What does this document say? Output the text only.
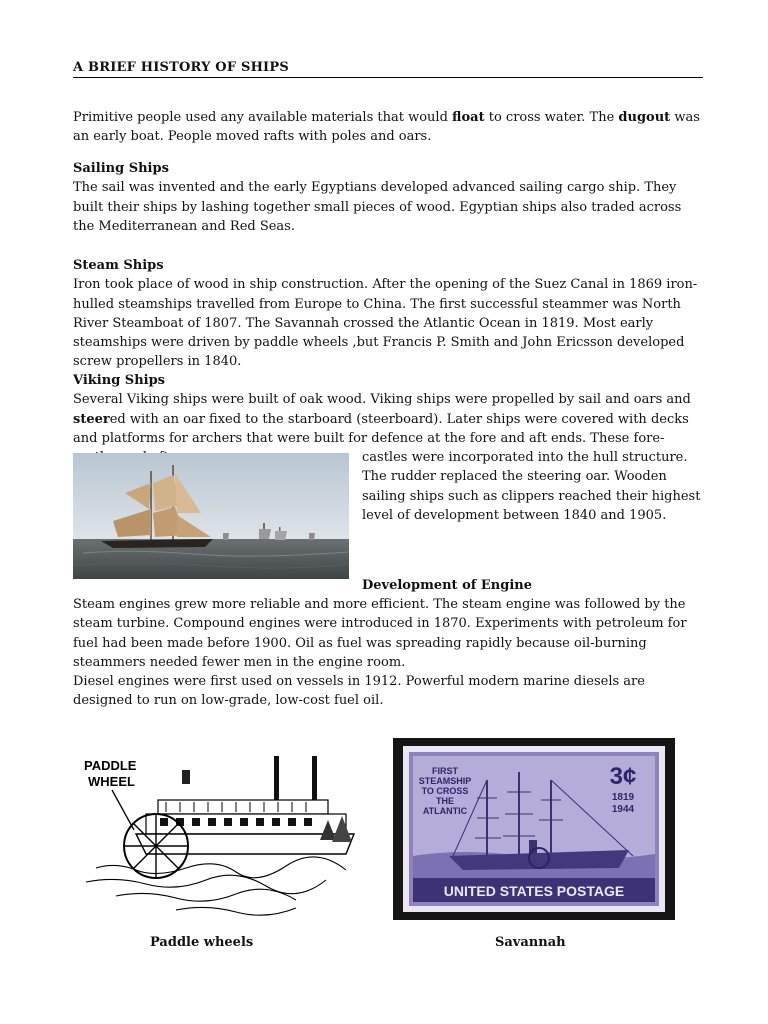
A BRIEF HISTORY OF SHIPS
Primitive people used any available materials that would float to cross water. The dugout was an early boat. People moved rafts with poles and oars.
Sailing Ships
The sail was invented and the early Egyptians developed advanced sailing cargo ship. They built their ships by lashing together small pieces of wood. Egyptian ships also traded across the Mediterranean and Red Seas.
Steam Ships
Iron took place of wood in ship construction. After the opening of the Suez Canal in 1869 iron-hulled steamships travelled from Europe to China. The first successful steammer was North River Steamboat of 1807. The Savannah crossed the Atlantic Ocean in 1819. Most early steamships were driven by paddle wheels ,but Francis P. Smith and John Ericsson developed screw propellers in 1840.
Viking Ships
Several Viking ships were built of oak wood. Viking ships were propelled by sail and oars and steered with an oar fixed to the starboard (steerboard). Later ships were covered with decks and platforms for archers that were built for defence at the fore and aft ends. These fore-
castles were incorporated into the hull structure.
The rudder replaced the steering oar. Wooden sailing ships such as clippers reached their highest level of development between 1840 and 1905.
Development of Engine
Steam engines grew more reliable and more efficient. The steam engine was followed by the steam turbine. Compound engines were introduced in 1870. Experiments with petroleum for fuel had been made before 1900. Oil as fuel was spreading rapidly because oil-burning steammers needed fewer men in the engine room.
Diesel engines were first used on vessels in 1912. Powerful modern marine diesels are designed to run on low-grade, low-cost fuel oil.
PADDLE
WHEEL
FIRST
STEAMSHIP
TO CROSS
THE
ATLANTIC
3¢
1819
1944
UNITED STATES POSTAGE
Paddle wheels	Savannah
